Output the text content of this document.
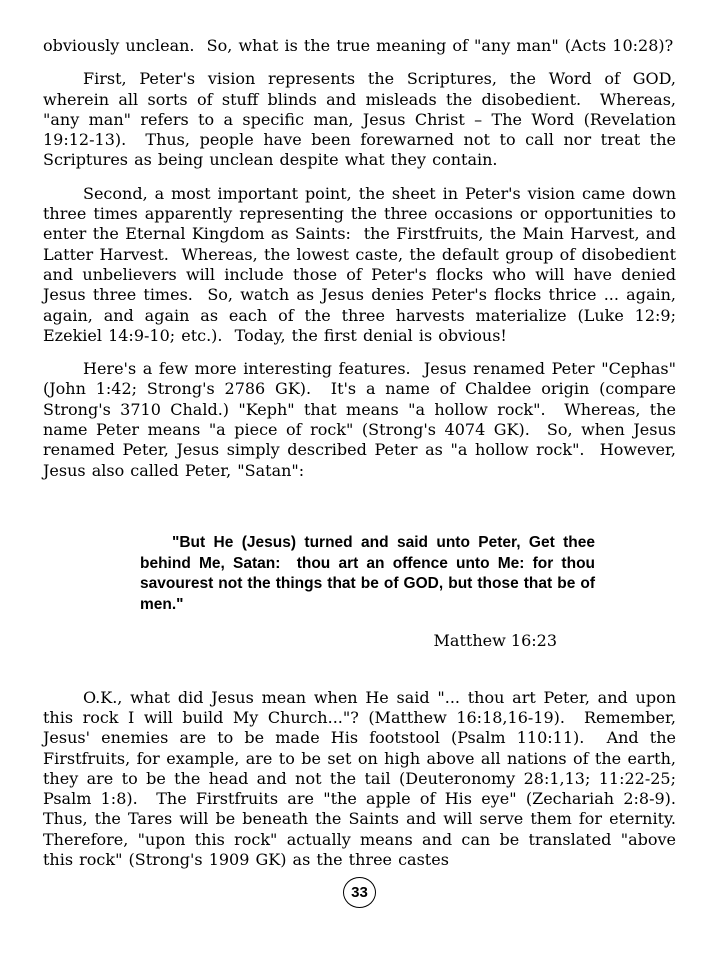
obviously unclean.  So, what is the true meaning of "any man" (Acts 10:28)?

First, Peter's vision represents the Scriptures, the Word of GOD, wherein all sorts of stuff blinds and misleads the disobedient.  Whereas, "any man" refers to a specific man, Jesus Christ – The Word (Revelation 19:12-13).  Thus, people have been forewarned not to call nor treat the Scriptures as being unclean despite what they contain.

Second, a most important point, the sheet in Peter's vision came down three times apparently representing the three occasions or opportunities to enter the Eternal Kingdom as Saints:  the Firstfruits, the Main Harvest, and Latter Harvest.  Whereas, the lowest caste, the default group of disobedient and unbelievers will include those of Peter's flocks who will have denied Jesus three times.  So, watch as Jesus denies Peter's flocks thrice ... again, again, and again as each of the three harvests materialize (Luke 12:9; Ezekiel 14:9-10; etc.).  Today, the first denial is obvious!

Here's a few more interesting features.  Jesus renamed Peter "Cephas" (John 1:42; Strong's 2786 GK).  It's a name of Chaldee origin (compare Strong's 3710 Chald.) "Keph" that means "a hollow rock".  Whereas, the name Peter means "a piece of rock" (Strong's 4074 GK).  So, when Jesus renamed Peter, Jesus simply described Peter as "a hollow rock".  However, Jesus also called Peter, "Satan":

"But He (Jesus) turned and said unto Peter, Get thee behind Me, Satan:  thou art an offence unto Me: for thou savourest not the things that be of GOD, but those that be of men."

Matthew 16:23

O.K., what did Jesus mean when He said "... thou art Peter, and upon this rock I will build My Church..."? (Matthew 16:18,16-19).  Remember, Jesus' enemies are to be made His footstool (Psalm 110:11).  And the Firstfruits, for example, are to be set on high above all nations of the earth, they are to be the head and not the tail (Deuteronomy 28:1,13; 11:22-25; Psalm 1:8).  The Firstfruits are "the apple of His eye" (Zechariah 2:8-9).  Thus, the Tares will be beneath the Saints and will serve them for eternity.  Therefore, "upon this rock" actually means and can be translated "above this rock" (Strong's 1909 GK) as the three castes

33
